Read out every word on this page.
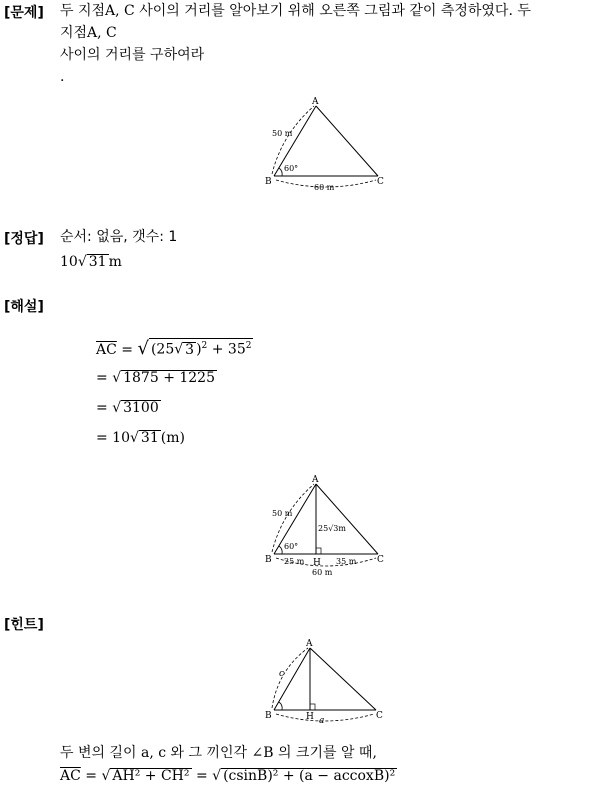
[문제] 두 지점A, C 사이의 거리를 알아보기 위해 오른쪽 그림과 같이 측정하였다. 두
지점A, C
사이의 거리를 구하여라
.
A
B	C
50 m
60°
60 m
[정답] 순서: 없음, 갯수: 1
10√ 31 m
[해설]
$\overline{AC}$ = √ (25√ 3 )$^2 + 35^2$
= √ 1875 + 1225
= √ 3100
= 10√ 31 (m)
A
B	C
H
50 m
60°
25√3m
25 m	35 m
60 m
[힌트]
A
B	C
H
c
a
두 변의 길이 a, c 와 그 끼인각 ∠B 의 크기를 알 때,
$\overline{AC}$ = √ AH² + CH² = √ (csinB)² + (a − accoxB)²
